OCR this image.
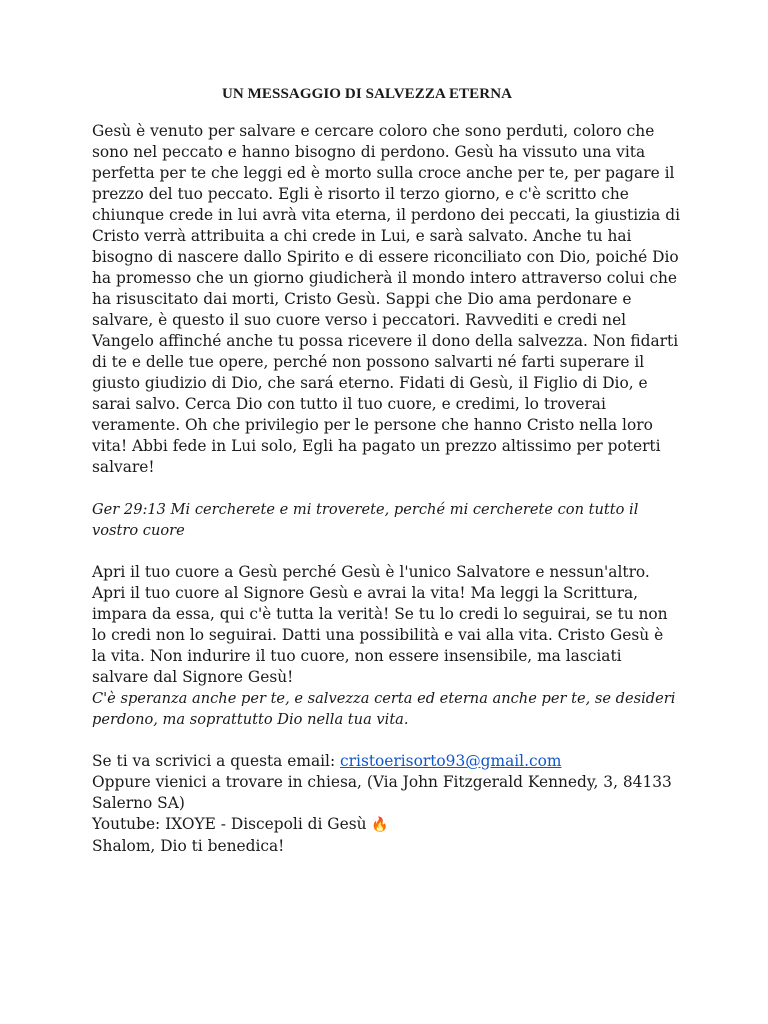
UN MESSAGGIO DI SALVEZZA ETERNA

Gesù è venuto per salvare e cercare coloro che sono perduti, coloro che sono nel peccato e hanno bisogno di perdono. Gesù ha vissuto una vita perfetta per te che leggi ed è morto sulla croce anche per te, per pagare il prezzo del tuo peccato. Egli è risorto il terzo giorno, e c'è scritto che chiunque crede in lui avrà vita eterna, il perdono dei peccati, la giustizia di Cristo verrà attribuita a chi crede in Lui, e sarà salvato. Anche tu hai bisogno di nascere dallo Spirito e di essere riconciliato con Dio, poiché Dio ha promesso che un giorno giudicherà il mondo intero attraverso colui che ha risuscitato dai morti, Cristo Gesù. Sappi che Dio ama perdonare e salvare, è questo il suo cuore verso i peccatori. Ravvediti e credi nel Vangelo affinché anche tu possa ricevere il dono della salvezza. Non fidarti di te e delle tue opere, perché non possono salvarti né farti superare il giusto giudizio di Dio, che sará eterno. Fidati di Gesù, il Figlio di Dio, e sarai salvo. Cerca Dio con tutto il tuo cuore, e credimi, lo troverai veramente. Oh che privilegio per le persone che hanno Cristo nella loro vita! Abbi fede in Lui solo, Egli ha pagato un prezzo altissimo per poterti salvare!

Ger 29:13 Mi cercherete e mi troverete, perché mi cercherete con tutto il vostro cuore

Apri il tuo cuore a Gesù perché Gesù è l'unico Salvatore e nessun'altro. Apri il tuo cuore al Signore Gesù e avrai la vita! Ma leggi la Scrittura, impara da essa, qui c'è tutta la verità! Se tu lo credi lo seguirai, se tu non lo credi non lo seguirai. Datti una possibilità e vai alla vita. Cristo Gesù è la vita. Non indurire il tuo cuore, non essere insensibile, ma lasciati salvare dal Signore Gesù!

C'è speranza anche per te, e salvezza certa ed eterna anche per te, se desideri perdono, ma soprattutto Dio nella tua vita.

Se ti va scrivici a questa email: cristoerisorto93@gmail.com

Oppure vienici a trovare in chiesa, (Via John Fitzgerald Kennedy, 3, 84133 Salerno SA)

Youtube: IXOYE - Discepoli di Gesù 🔥

Shalom, Dio ti benedica!
